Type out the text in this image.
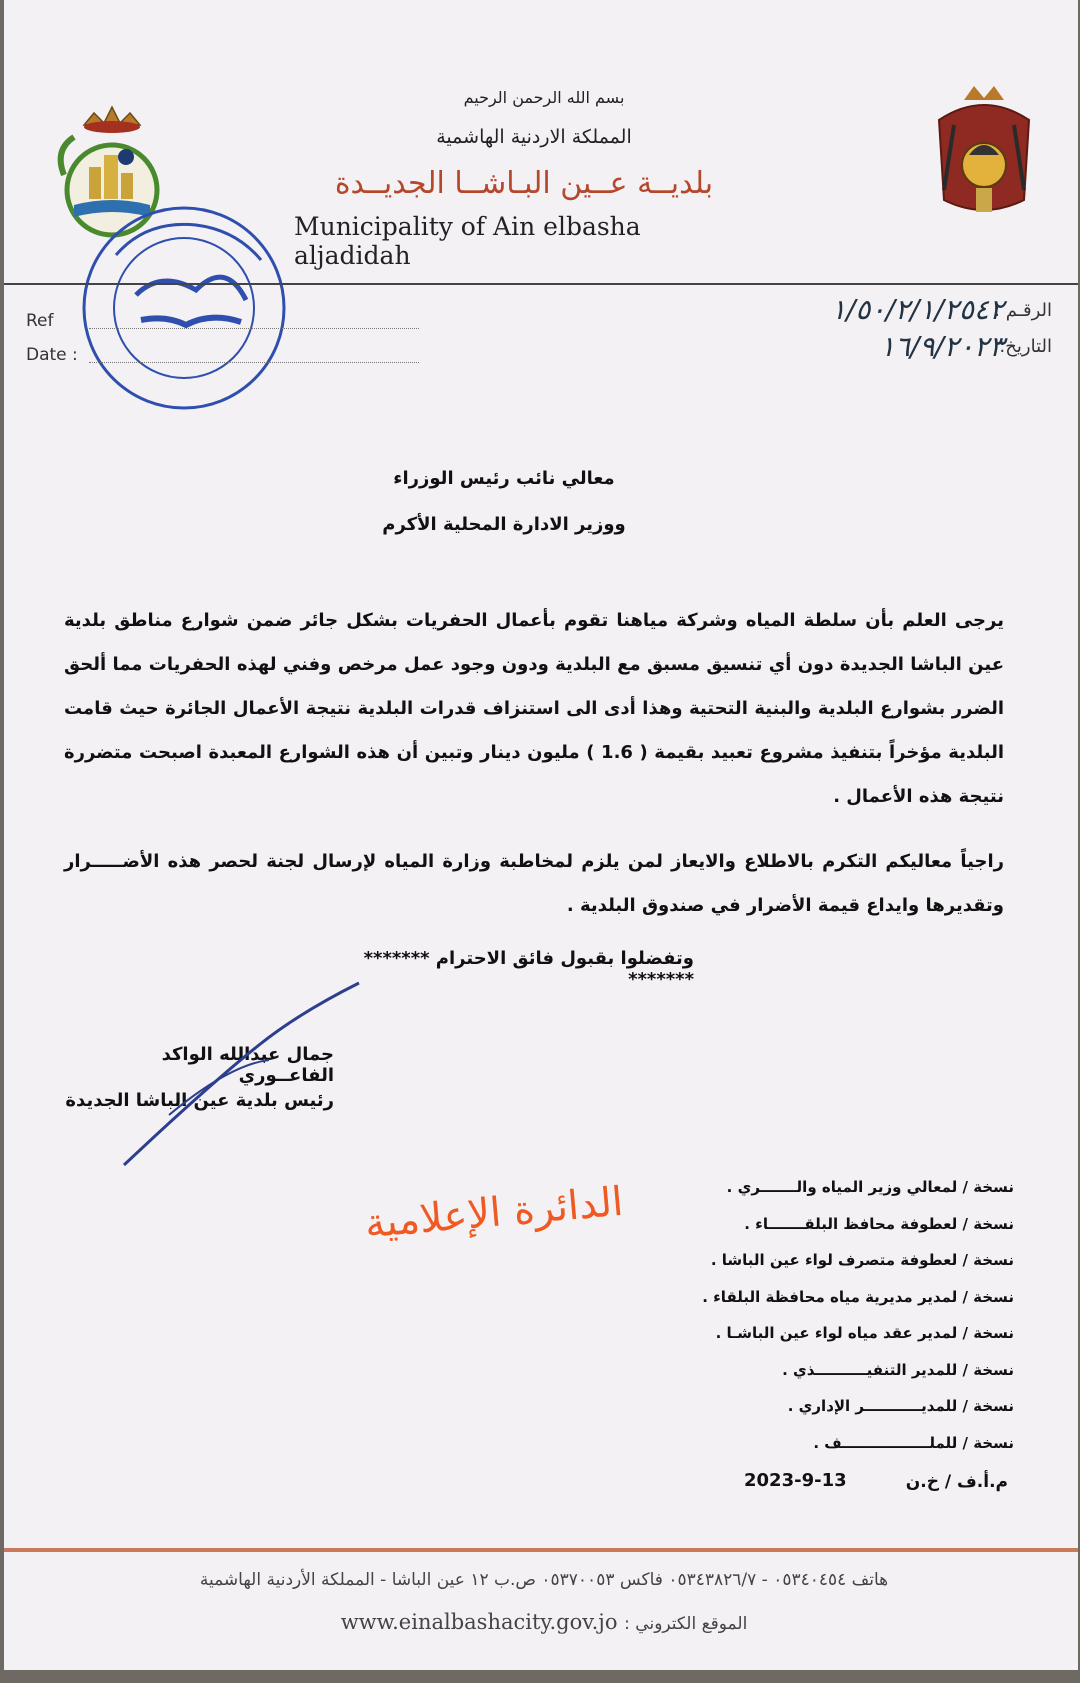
بسم الله الرحمن الرحيم
المملكة الاردنية الهاشمية
بلديــة عــين البـاشــا الجديــدة
Municipality of Ain elbasha aljadidah
Ref
Date :
الرقـم :
التاريخ:
١/٥٠/٢/١/٢٥٤٢
١٦/٩/٢٠٢٣
معالي نائب رئيس الوزراء
ووزير الادارة المحلية الأكرم
يرجى العلم بأن سلطة المياه وشركة مياهنا تقوم بأعمال الحفريات بشكل جائر ضمن شوارع مناطق بلدية عين الباشا الجديدة دون أي تنسيق مسبق مع البلدية ودون وجود عمل مرخص وفني لهذه الحفريات مما ألحق الضرر بشوارع البلدية والبنية التحتية وهذا أدى الى استنزاف قدرات البلدية نتيجة الأعمال الجائرة حيث قامت البلدية مؤخراً بتنفيذ مشروع تعبيد بقيمة ( 1.6 ) مليون دينار وتبين أن هذه الشوارع المعبدة اصبحت متضررة نتيجة هذه الأعمال .
راجياً معاليكم التكرم بالاطلاع والايعاز لمن يلزم لمخاطبة وزارة المياه لإرسال لجنة لحصر هذه الأضـــــرار وتقديرها وايداع قيمة الأضرار في صندوق البلدية .
وتفضلوا بقبول فائق الاحترام ******* *******
جمال عبدالله الواكد الفاعــوري
رئيس بلدية عين الباشا الجديدة
الدائرة الإعلامية	نسخة / لمعالي وزير المياه والـــــــري .
نسخة / لعطوفة محافظ البلقـــــــاء .
نسخة / لعطوفة متصرف لواء عين الباشا .
نسخة / لمدير مديرية مياه محافظة البلقاء .
نسخة / لمدير عقد مياه لواء عين الباشـا .
نسخة / للمدير التنفيــــــــــذي .
نسخة / للمديـــــــــــر الإداري .
نسخة / للملـــــــــــــــــف .
2023-9-13	م.أ.ف / خ.ن
هاتف ٠٥٣٤٠٤٥٤ - ٠٥٣٤٣٨٢٦/٧ فاكس ٠٥٣٧٠٠٥٣ ص.ب ١٢ عين الباشا - المملكة الأردنية الهاشمية
الموقع الكتروني : www.einalbashacity.gov.jo
